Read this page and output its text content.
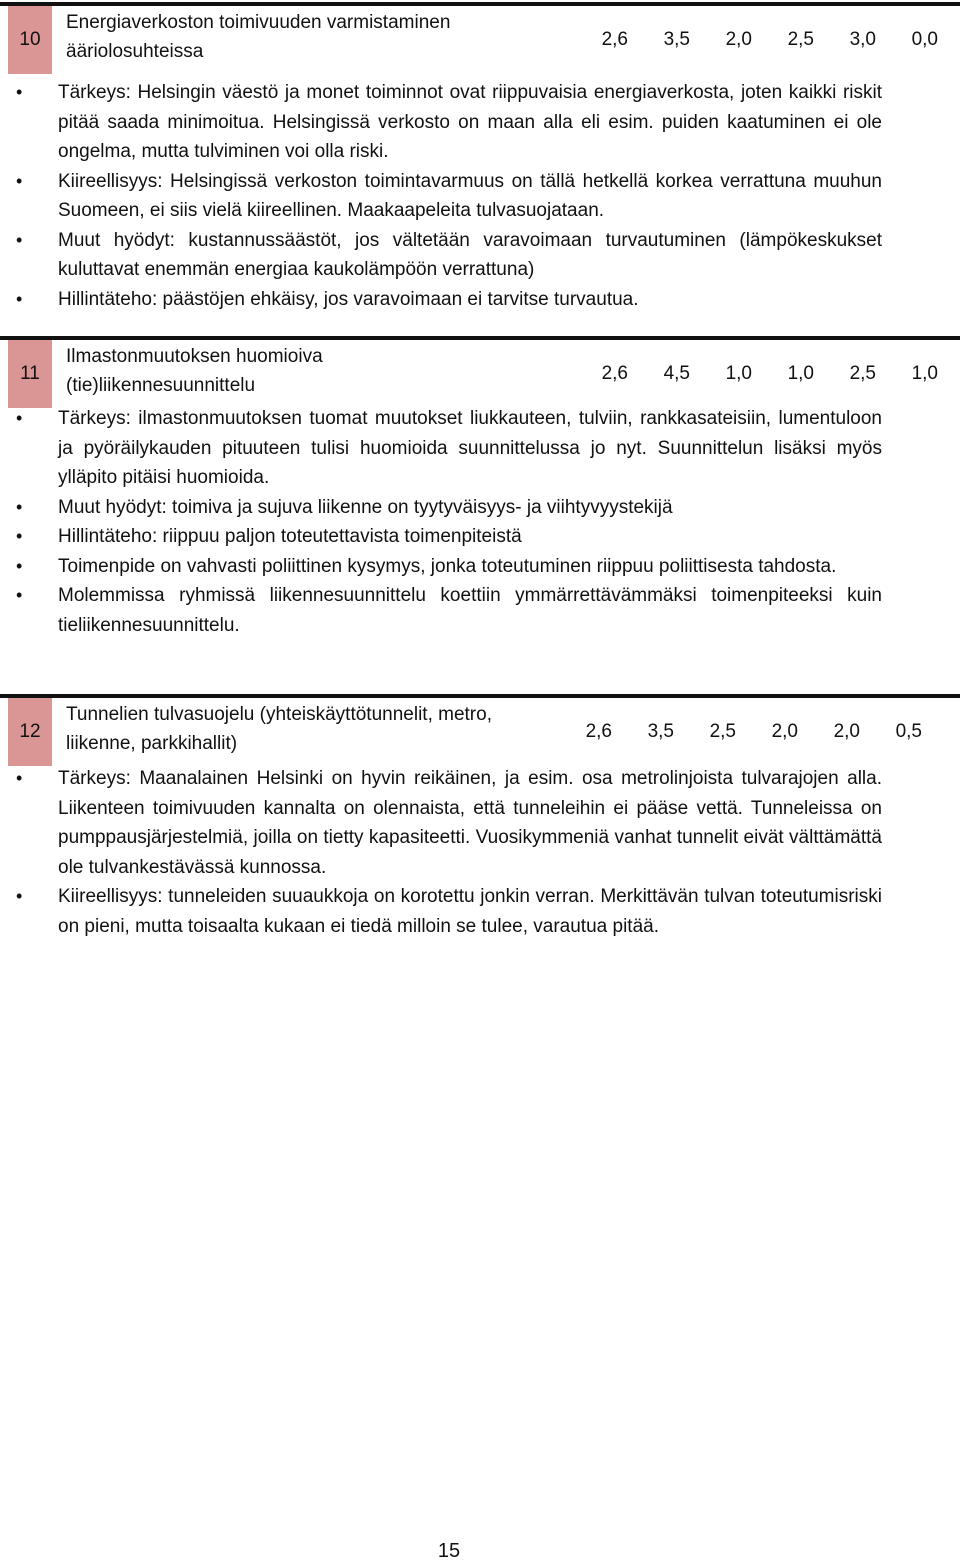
10
Energiaverkoston toimivuuden varmistaminen ääriolosuhteissa
2,6	3,5	2,0	2,5	3,0	0,0
• Tärkeys: Helsingin väestö ja monet toiminnot ovat riippuvaisia energiaverkosta, joten kaikki riskit pitää saada minimoitua. Helsingissä verkosto on maan alla eli esim. puiden kaatuminen ei ole ongelma, mutta tulviminen voi olla riski.
• Kiireellisyys: Helsingissä verkoston toimintavarmuus on tällä hetkellä korkea verrattuna muuhun Suomeen, ei siis vielä kiireellinen. Maakaapeleita tulvasuojataan.
• Muut hyödyt: kustannussäästöt, jos vältetään varavoimaan turvautuminen (lämpökeskukset kuluttavat enemmän energiaa kaukolämpöön verrattuna)
• Hillintäteho: päästöjen ehkäisy, jos varavoimaan ei tarvitse turvautua.
11
Ilmastonmuutoksen huomioiva (tie)liikennesuunnittelu
2,6	4,5	1,0	1,0	2,5	1,0
• Tärkeys: ilmastonmuutoksen tuomat muutokset liukkauteen, tulviin, rankkasateisiin, lumentuloon ja pyöräilykauden pituuteen tulisi huomioida suunnittelussa jo nyt. Suunnittelun lisäksi myös ylläpito pitäisi huomioida.
• Muut hyödyt: toimiva ja sujuva liikenne on tyytyväisyys- ja viihtyvyystekijä
• Hillintäteho: riippuu paljon toteutettavista toimenpiteistä
• Toimenpide on vahvasti poliittinen kysymys, jonka toteutuminen riippuu poliittisesta tahdosta.
• Molemmissa ryhmissä liikennesuunnittelu koettiin ymmärrettävämmäksi toimenpiteeksi kuin tieliikennesuunnittelu.
12
Tunnelien tulvasuojelu (yhteiskäyttötunnelit, metro, liikenne, parkkihallit)
2,6	3,5	2,5	2,0	2,0	0,5
• Tärkeys: Maanalainen Helsinki on hyvin reikäinen, ja esim. osa metrolinjoista tulvarajojen alla. Liikenteen toimivuuden kannalta on olennaista, että tunneleihin ei pääse vettä. Tunneleissa on pumppausjärjestelmiä, joilla on tietty kapasiteetti. Vuosikymmeniä vanhat tunnelit eivät välttämättä ole tulvankestävässä kunnossa.
• Kiireellisyys: tunneleiden suuaukkoja on korotettu jonkin verran. Merkittävän tulvan toteutumisriski on pieni, mutta toisaalta kukaan ei tiedä milloin se tulee, varautua pitää.
15
